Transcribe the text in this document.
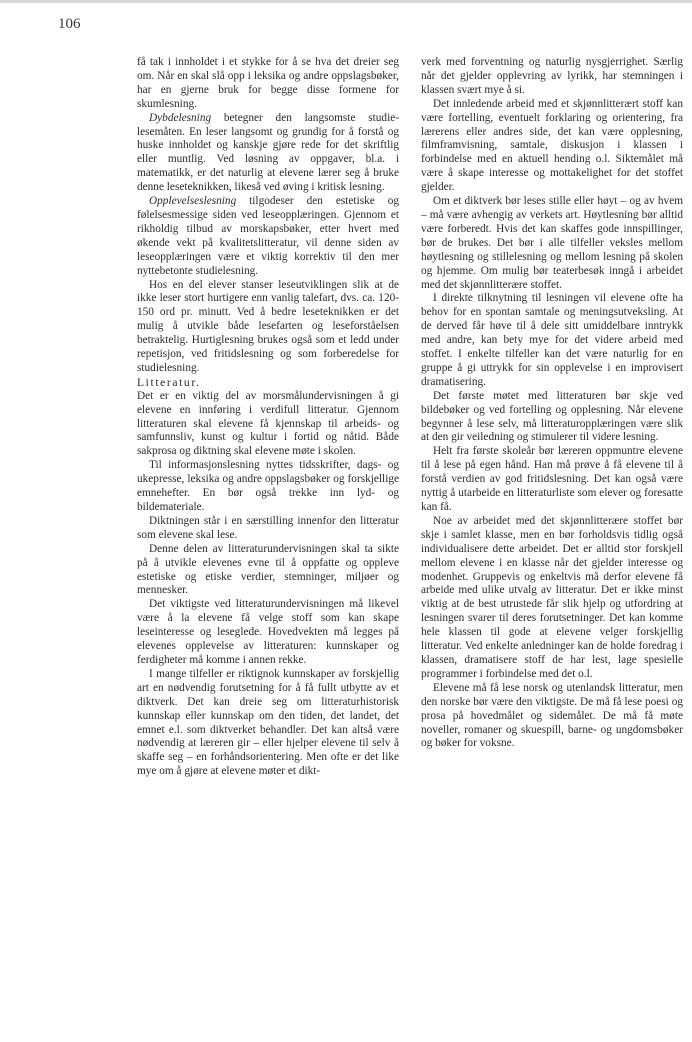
106

få tak i innholdet i et stykke for å se hva det dreier seg om. Når en skal slå opp i leksika og andre oppslagsbøker, har en gjerne bruk for begge disse formene for skumlesning.

Dybdelesning betegner den langsomste studie-lesemåten. En leser langsomt og grundig for å forstå og huske innholdet og kanskje gjøre rede for det skriftlig eller muntlig. Ved løsning av oppgaver, bl.a. i matematikk, er det naturlig at elevene lærer seg å bruke denne leseteknikken, likeså ved øving i kritisk lesning.

Opplevelseslesning tilgodeser den estetiske og følelsesmessige siden ved leseopplæringen. Gjennom et rikholdig tilbud av morskapsbøker, etter hvert med økende vekt på kvalitetslitteratur, vil denne siden av leseopplæringen være et viktig korrektiv til den mer nyttebetonte studielesning.

Hos en del elever stanser leseutviklingen slik at de ikke leser stort hurtigere enn vanlig talefart, dvs. ca. 120-150 ord pr. minutt. Ved å bedre leseteknikken er det mulig å utvikle både lesefarten og leseforståelsen betraktelig. Hurtiglesning brukes også som et ledd under repetisjon, ved fritidslesning og som forberedelse for studielesning.

Litteratur.

Det er en viktig del av morsmålundervisningen å gi elevene en innføring i verdifull litteratur. Gjennom litteraturen skal elevene få kjennskap til arbeids- og samfunnsliv, kunst og kultur i fortid og nåtid. Både sakprosa og diktning skal elevene møte i skolen.

Til informasjonslesning nyttes tidsskrifter, dags- og ukepresse, leksika og andre oppslagsbøker og forskjellige emnehefter. En bør også trekke inn lyd- og bildemateriale.

Diktningen står i en særstilling innenfor den litteratur som elevene skal lese.

Denne delen av litteraturundervisningen skal ta sikte på å utvikle elevenes evne til å oppfatte og oppleve estetiske og etiske verdier, stemninger, miljøer og mennesker.

Det viktigste ved litteraturundervisningen må likevel være å la elevene få velge stoff som kan skape leseinteresse og leseglede. Hovedvekten må legges på elevenes opplevelse av litteraturen: kunnskaper og ferdigheter må komme i annen rekke.

I mange tilfeller er riktignok kunnskaper av forskjellig art en nødvendig forutsetning for å få fullt utbytte av et diktverk. Det kan dreie seg om litteraturhistorisk kunnskap eller kunnskap om den tiden, det landet, det emnet e.l. som diktverket behandler. Det kan altså være nødvendig at læreren gir – eller hjelper elevene til selv å skaffe seg – en forhåndsorientering. Men ofte er det like mye om å gjøre at elevene møter et dikt-

verk med forventning og naturlig nysgjerrighet. Særlig når det gjelder opplevring av lyrikk, har stemningen i klassen svært mye å si.

Det innledende arbeid med et skjønnlitterært stoff kan være fortelling, eventuelt forklaring og orientering, fra lærerens eller andres side, det kan være opplesning, filmframvisning, samtale, diskusjon i klassen i forbindelse med en aktuell hending o.l. Siktemålet må være å skape interesse og mottakelighet for det stoffet gjelder.

Om et diktverk bør leses stille eller høyt – og av hvem – må være avhengig av verkets art. Høytlesning bør alltid være forberedt. Hvis det kan skaffes gode innspillinger, bør de brukes. Det bør i alle tilfeller veksles mellom høytlesning og stillelesning og mellom lesning på skolen og hjemme. Om mulig bør teaterbesøk inngå i arbeidet med det skjønnlitterære stoffet.

I direkte tilknytning til lesningen vil elevene ofte ha behov for en spontan samtale og meningsutveksling. At de derved får høve til å dele sitt umiddelbare inntrykk med andre, kan bety mye for det videre arbeid med stoffet. I enkelte tilfeller kan det være naturlig for en gruppe å gi uttrykk for sin opplevelse i en improvisert dramatisering.

Det første møtet med litteraturen bør skje ved bildebøker og ved fortelling og opplesning. Når elevene begynner å lese selv, må litteraturopplæringen være slik at den gir veiledning og stimulerer til videre lesning.

Helt fra første skoleår bør læreren oppmuntre elevene til å lese på egen hånd. Han må prøve å få elevene til å forstå verdien av god fritidslesning. Det kan også være nyttig å utarbeide en litteraturliste som elever og foresatte kan få.

Noe av arbeidet med det skjønnlitterære stoffet bør skje i samlet klasse, men en bør forholdsvis tidlig også individualisere dette arbeidet. Det er alltid stor forskjell mellom elevene i en klasse når det gjelder interesse og modenhet. Gruppevis og enkeltvis må derfor elevene få arbeide med ulike utvalg av litteratur. Det er ikke minst viktig at de best utrustede får slik hjelp og utfordring at lesningen svarer til deres forutsetninger. Det kan komme hele klassen til gode at elevene velger forskjellig litteratur. Ved enkelte anledninger kan de holde foredrag i klassen, dramatisere stoff de har lest, lage spesielle programmer i forbindelse med det o.l.

Elevene må få lese norsk og utenlandsk litteratur, men den norske bør være den viktigste. De må få lese poesi og prosa på hovedmålet og sidemålet. De må få møte noveller, romaner og skuespill, barne- og ungdomsbøker og bøker for voksne.
